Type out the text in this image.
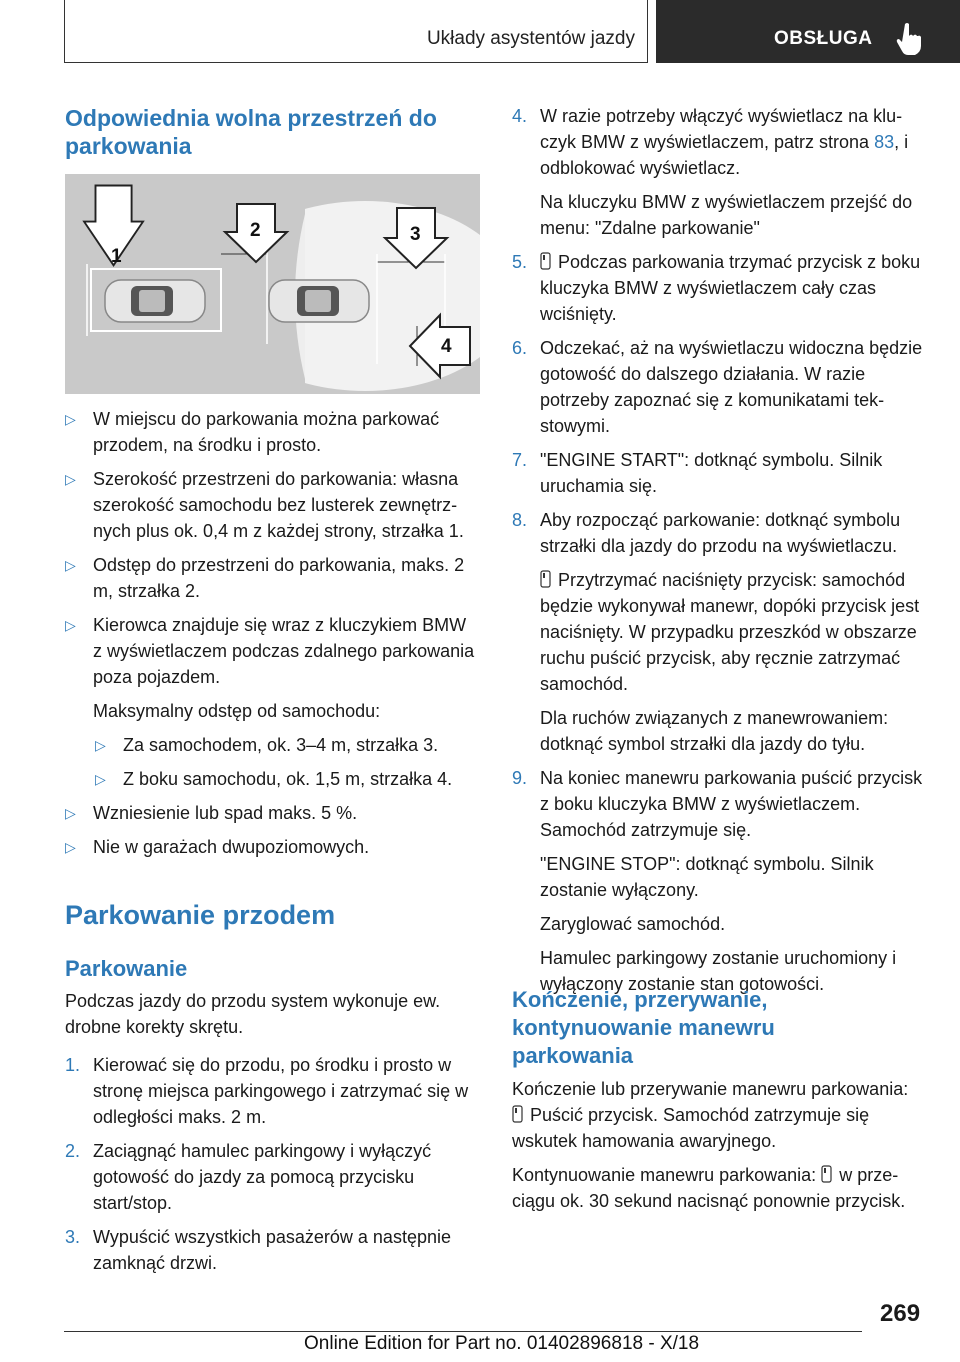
Układy asystentów jazdy	OBSŁUGA
Odpowiednia wolna przestrzeń do parkowania
1
2	3
4
▷ W miejscu do parkowania można parkować przodem, na środku i prosto.
▷ Szerokość przestrzeni do parkowania: własna szerokość samochodu bez lusterek zewnętrznych plus ok. 0,4 m z każdej strony, strzałka 1.
▷ Odstęp do przestrzeni do parkowania, maks. 2 m, strzałka 2.
▷ Kierowca znajduje się wraz z kluczykiem BMW z wyświetlaczem podczas zdalnego parkowania poza pojazdem.

Maksymalny odstęp od samochodu:

▷ Za samochodem, ok. 3–4 m, strzałka 3.
▷ Z boku samochodu, ok. 1,5 m, strzałka 4.
▷ Wzniesienie lub spad maks. 5 %.
▷ Nie w garażach dwupoziomowych.
Parkowanie przodem
Parkowanie

Podczas jazdy do przodu system wykonuje ew. drobne korekty skrętu.

1. Kierować się do przodu, po środku i prosto w stronę miejsca parkingowego i zatrzymać się w odległości maks. 2 m.
2. Zaciągnąć hamulec parkingowy i wyłączyć gotowość do jazdy za pomocą przycisku start/stop.
3. Wypuścić wszystkich pasażerów a następnie zamknąć drzwi.
4. W razie potrzeby włączyć wyświetlacz na kluczyk BMW z wyświetlaczem, patrz strona 83, i odblokować wyświetlacz.

Na kluczyku BMW z wyświetlaczem przejść do menu: "Zdalne parkowanie"

5. Podczas parkowania trzymać przycisk z boku kluczyka BMW z wyświetlaczem cały czas wciśnięty.
6. Odczekać, aż na wyświetlaczu widoczna będzie gotowość do dalszego działania. W razie potrzeby zapoznać się z komunikatami tekstowymi.
7. "ENGINE START": dotknąć symbolu. Silnik uruchamia się.
8. Aby rozpocząć parkowanie: dotknąć symbolu strzałki dla jazdy do przodu na wyświetlaczu.

Przytrzymać naciśnięty przycisk: samochód będzie wykonywał manewr, dopóki przycisk jest naciśnięty. W przypadku przeszkód w obszarze ruchu puścić przycisk, aby ręcznie zatrzymać samochód.

Dla ruchów związanych z manewrowaniem: dotknąć symbol strzałki dla jazdy do tyłu.

9. Na koniec manewru parkowania puścić przycisk z boku kluczyka BMW z wyświetlaczem. Samochód zatrzymuje się.

"ENGINE STOP": dotknąć symbolu. Silnik zostanie wyłączony.

Zaryglować samochód.

Hamulec parkingowy zostanie uruchomiony i wyłączony zostanie stan gotowości.

Kończenie, przerywanie, kontynuowanie manewru parkowania

Kończenie lub przerywanie manewru parkowania: Puścić przycisk. Samochód zatrzymuje się wskutek hamowania awaryjnego.

Kontynuowanie manewru parkowania: w przeciągu ok. 30 sekund nacisnąć ponownie przycisk.

269
Online Edition for Part no. 01402896818 - X/18
